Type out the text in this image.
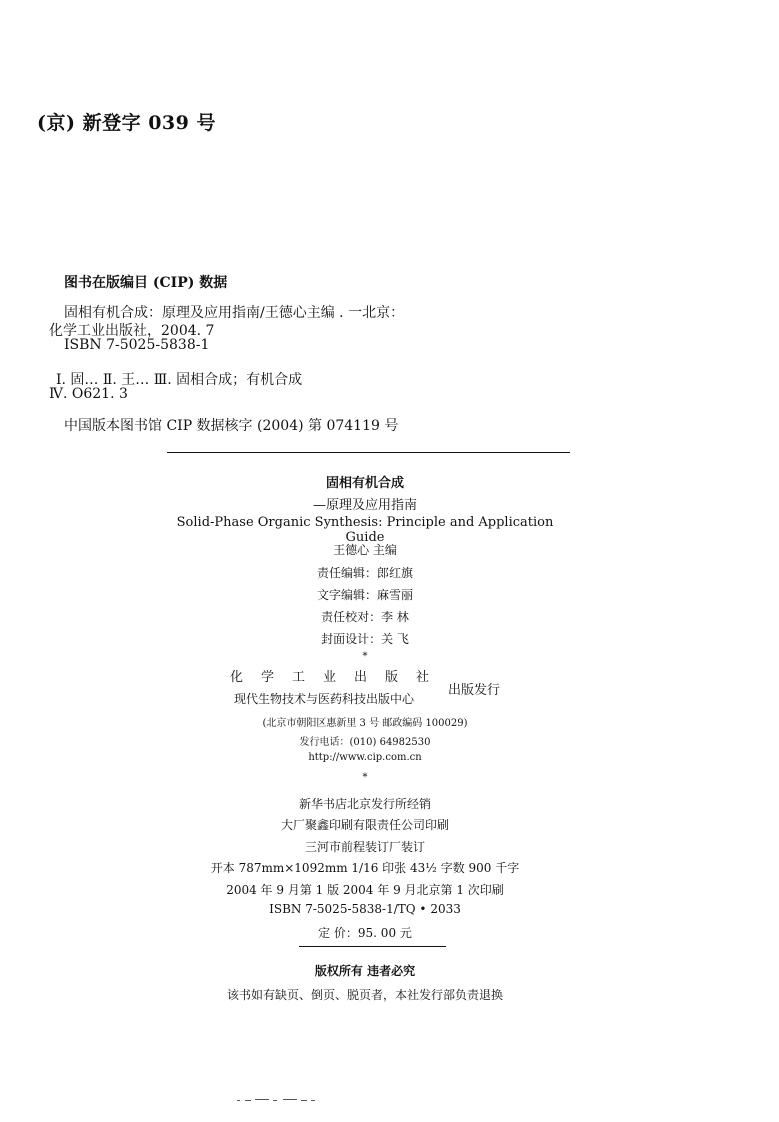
(京) 新登字 039 号
图书在版编目 (CIP) 数据
固相有机合成：原理及应用指南/王德心主编 . 一北京：
化学工业出版社，2004. 7
ISBN 7-5025-5838-1
Ⅰ. 固… Ⅱ. 王… Ⅲ. 固相合成；有机合成
Ⅳ. O621. 3
中国版本图书馆 CIP 数据核字 (2004) 第 074119 号
固相有机合成
—原理及应用指南
Solid-Phase Organic Synthesis: Principle and Application Guide
王德心 主编
责任编辑：郎红旗
文字编辑：麻雪丽
责任校对：李 林
封面设计：关 飞
*
化学工业出版社
现代生物技术与医药科技出版中心
出版发行
(北京市朝阳区惠新里 3 号 邮政编码 100029)
发行电话：(010) 64982530
http://www.cip.com.cn
*
新华书店北京发行所经销
大厂聚鑫印刷有限责任公司印刷
三河市前程装订厂装订
开本 787mm×1092mm 1/16 印张 43½ 字数 900 千字
2004 年 9 月第 1 版 2004 年 9 月北京第 1 次印刷
ISBN 7-5025-5838-1/TQ • 2033
定 价：95. 00 元
版权所有 违者必究
该书如有缺页、倒页、脱页者，本社发行部负责退换
